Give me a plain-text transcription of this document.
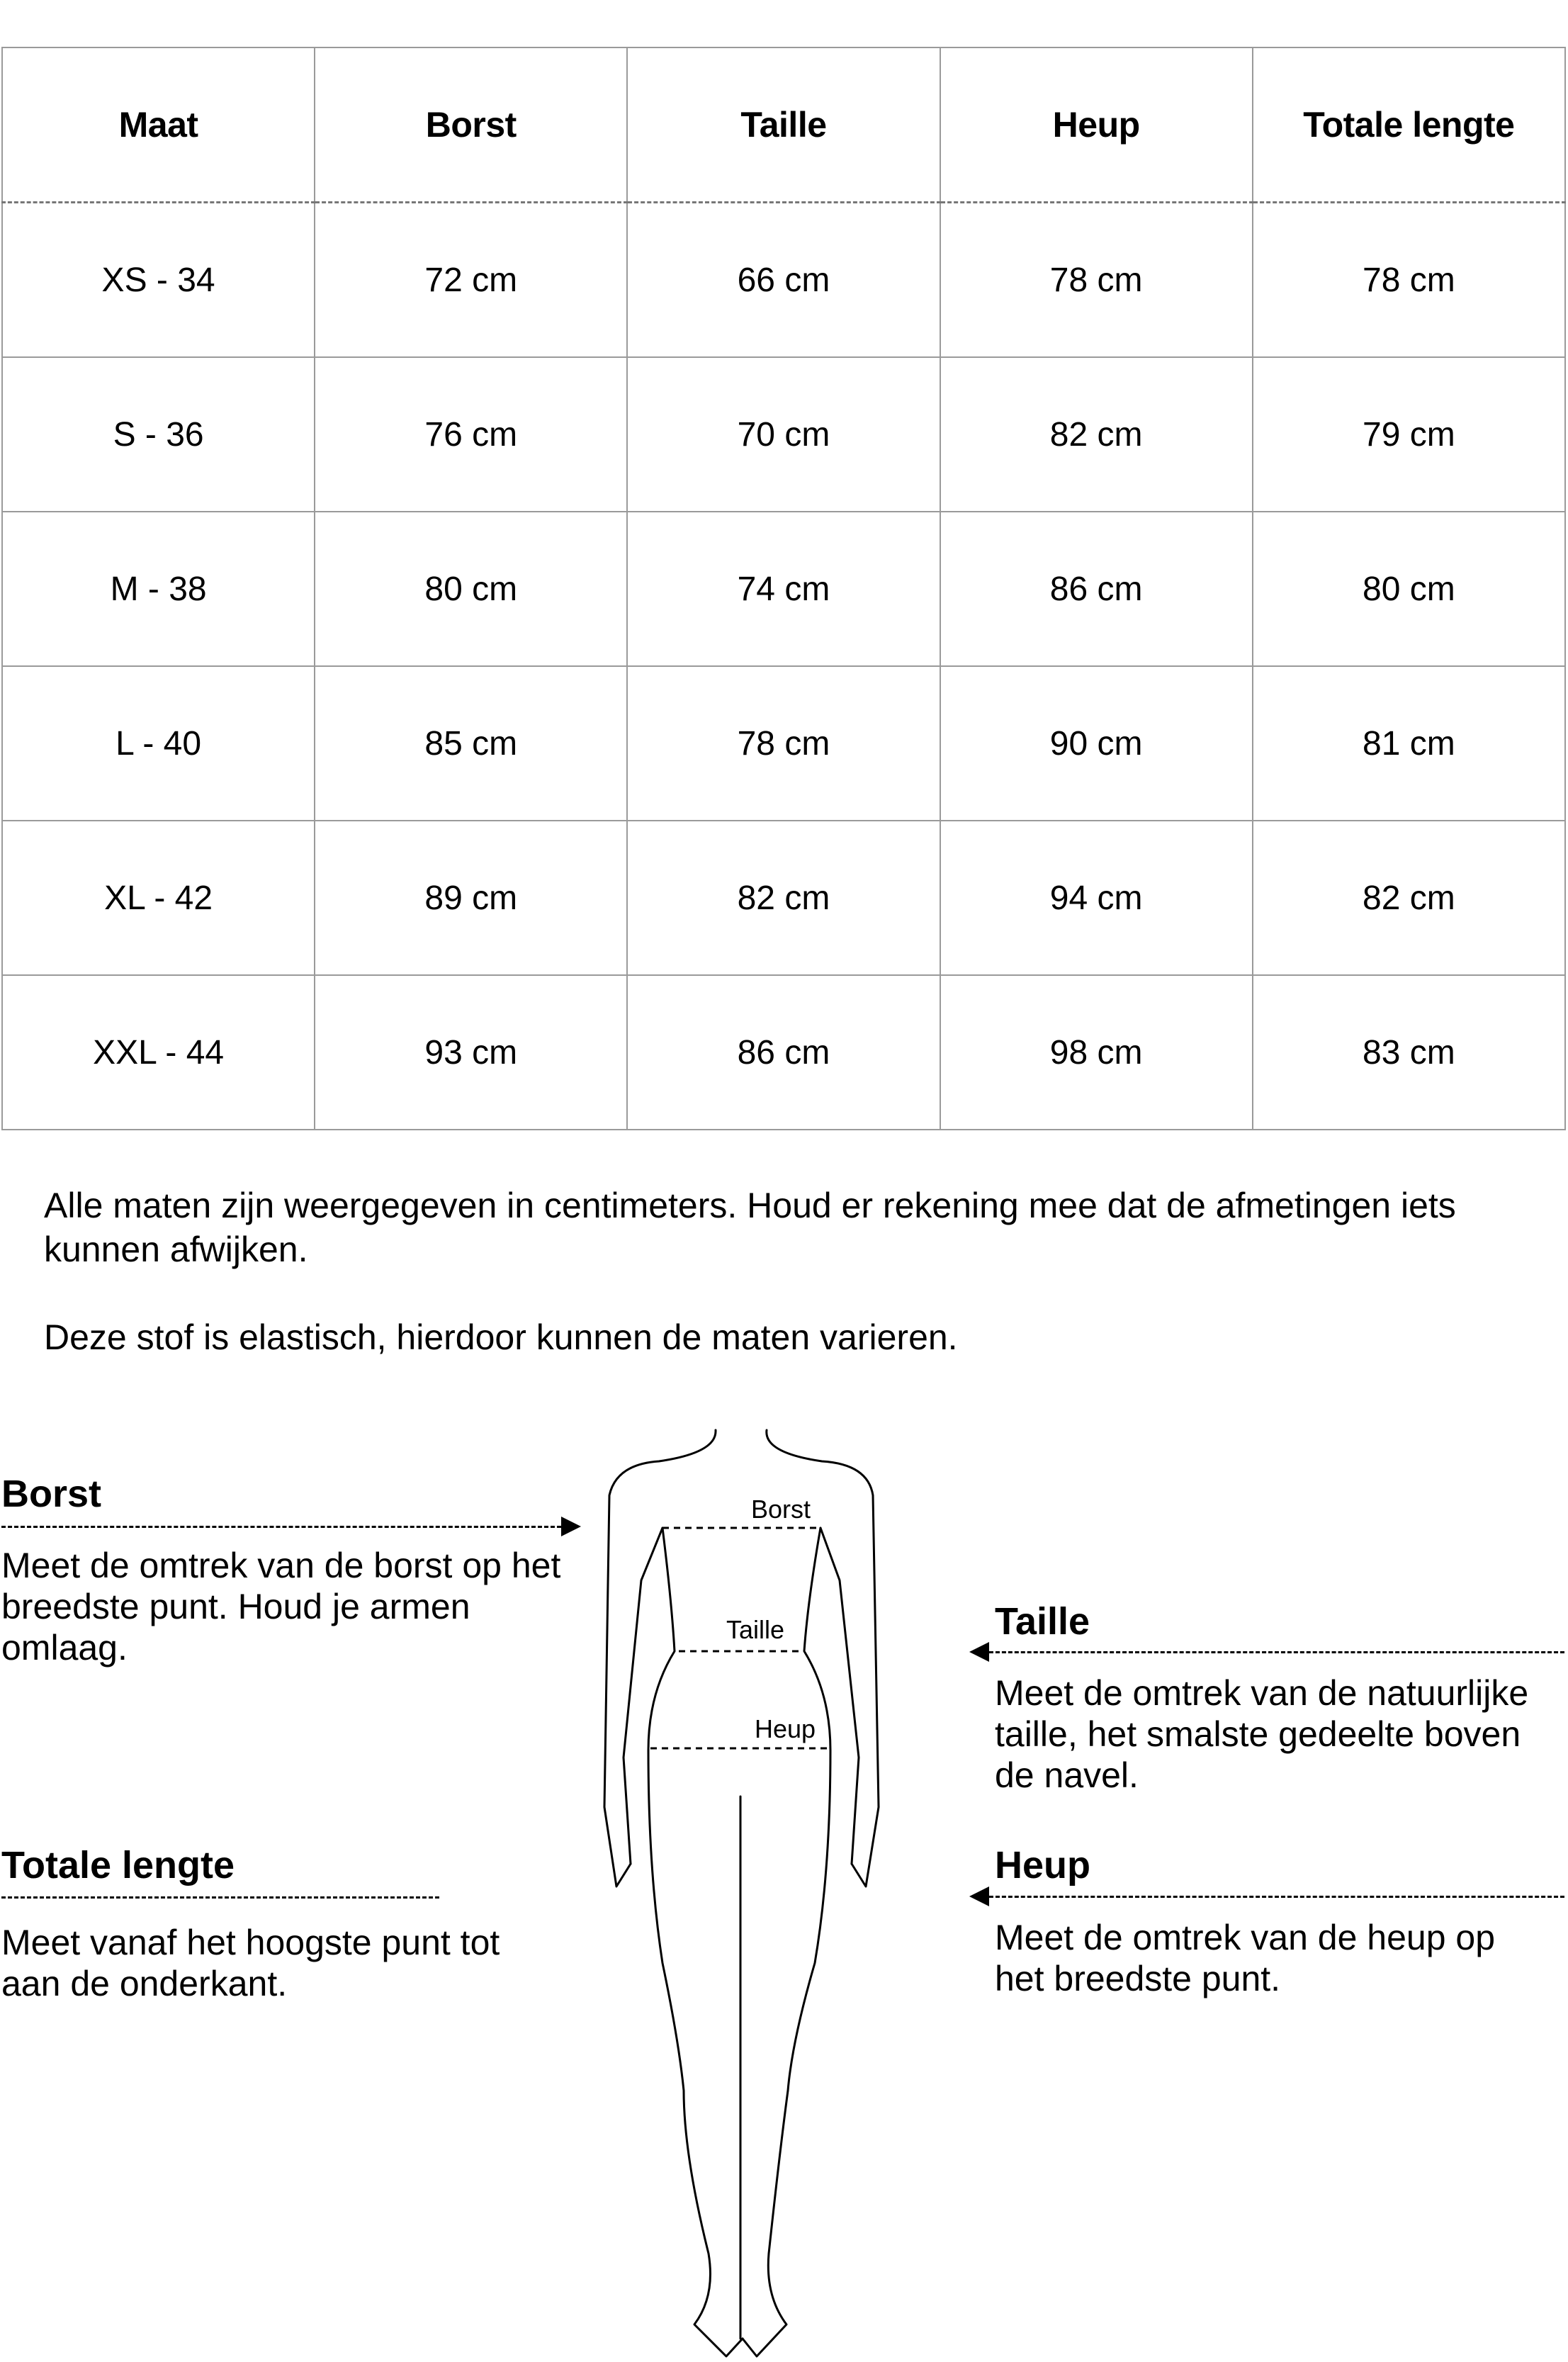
Maat	Borst	Taille	Heup	Totale lengte
XS - 34	72 cm	66 cm	78 cm	78 cm
S - 36	76 cm	70 cm	82 cm	79 cm
M - 38	80 cm	74 cm	86 cm	80 cm
L - 40	85 cm	78 cm	90 cm	81 cm
XL - 42	89 cm	82 cm	94 cm	82 cm
XXL - 44	93 cm	86 cm	98 cm	83 cm

Alle maten zijn weergegeven in centimeters. Houd er rekening mee dat de afmetingen iets kunnen afwijken.

Deze stof is elastisch, hierdoor kunnen de maten varieren.

Borst
Taille
Heup
Borst
Meet de omtrek van de borst op het breedste punt. Houd je armen omlaag.
Totale lengte
Meet vanaf het hoogste punt tot aan de onderkant.
Taille
Meet de omtrek van de natuurlijke taille, het smalste gedeelte boven de navel.
Heup
Meet de omtrek van de heup op het breedste punt.
